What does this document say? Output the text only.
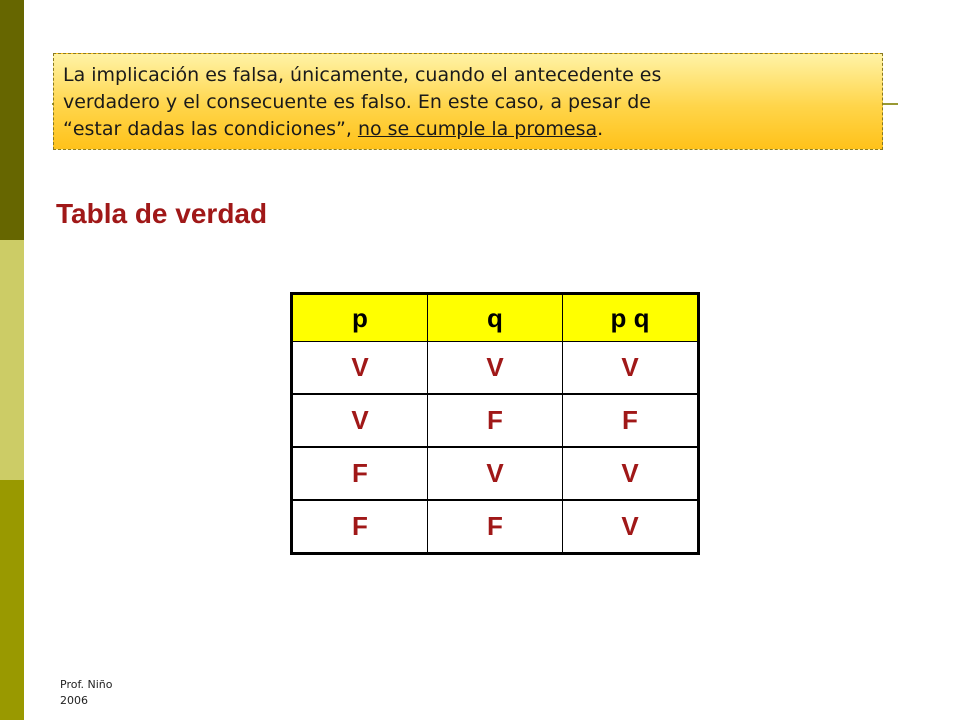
La implicación es falsa, únicamente, cuando el antecedente es
verdadero y el consecuente es falso. En este caso, a pesar de
“estar dadas las condiciones”, no se cumple la promesa.
Tabla de verdad
p	q	p q
V	V	V
V	F	F
F	V	V
F	F	V
Prof. Niño
2006
